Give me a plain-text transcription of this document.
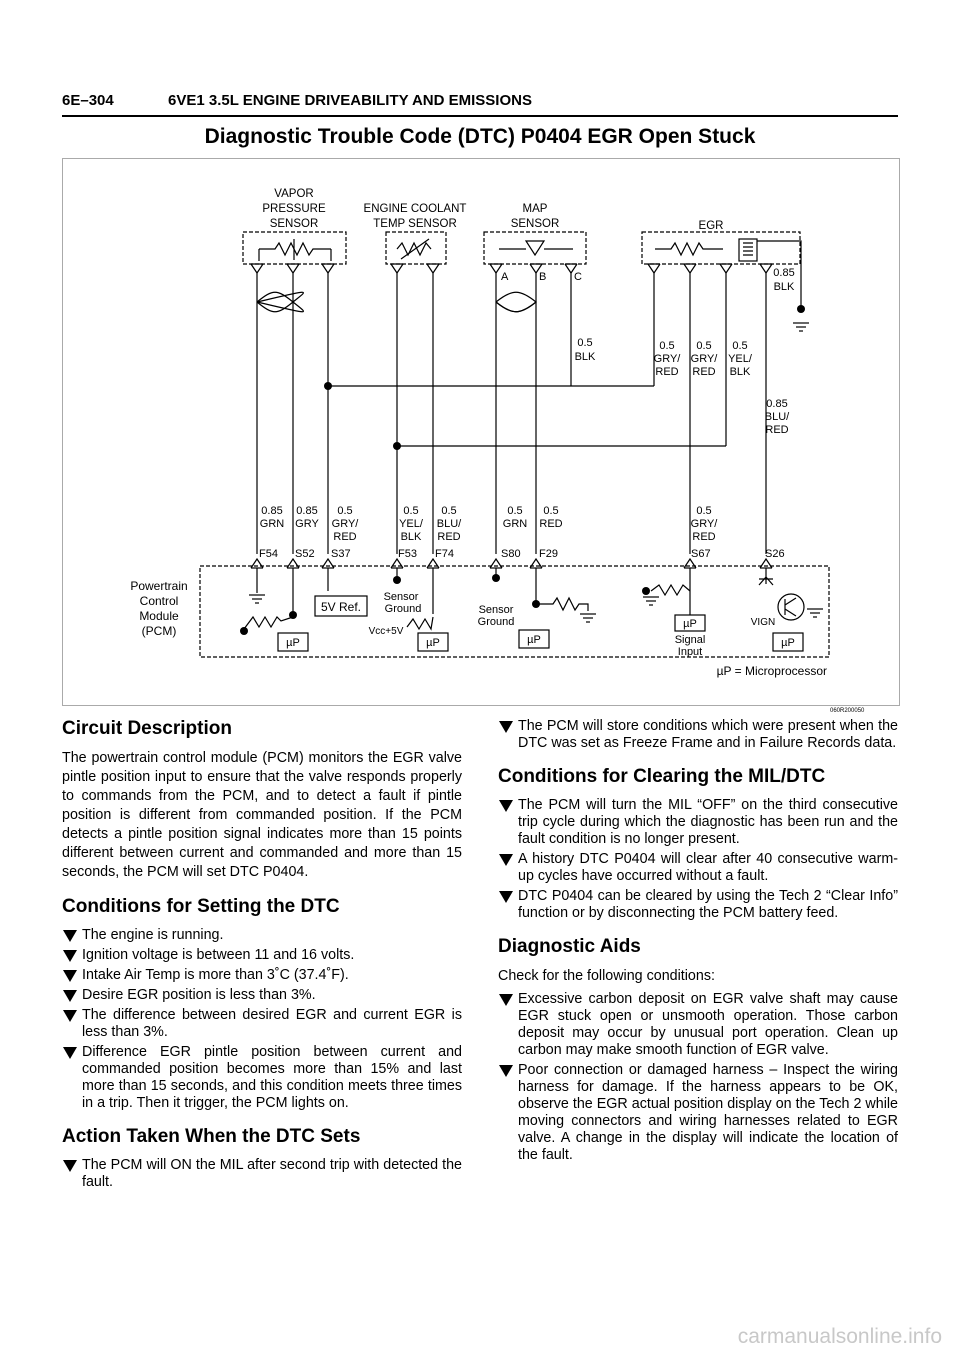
6E–304	6VE1 3.5L ENGINE DRIVEABILITY AND EMISSIONS
Diagnostic Trouble Code (DTC) P0404 EGR Open Stuck
VAPOR
PRESSURE
SENSOR
ENGINE COOLANT
TEMP SENSOR
MAP
SENSOR	EGR
A	B	C	0.85
BLK
0.5
BLK
0.5
GRY/
RED
0.5
GRY/
RED
0.5
YEL/
BLK
0.85
BLU/
RED
0.85
GRN
0.85
GRY
0.5
GRY/
RED
0.5
YEL/
BLK
0.5
BLU/
RED
0.5
GRN
0.5
RED
0.5
GRY/
RED
F54 S52 S37	F53 F74	S80 F29	S67	S26
Powertrain
Control
Module
(PCM)
5V Ref.
µP	µP	µP
µP
µP
Sensor
Ground	Sensor
Ground
Vcc+5V
Signal
Input
VIGN
µP = Microprocessor
060R200050
Circuit Description

The powertrain control module (PCM) monitors the EGR valve pintle position input to ensure that the valve responds properly to commands from the PCM, and to detect a fault if pintle position is different from commanded position. If the PCM detects a pintle position signal indicates more than 15 points different between current and commanded and more than 15 seconds, the PCM will set DTC P0404.

Conditions for Setting the DTC
The engine is running.
Ignition voltage is between 11 and 16 volts.
Intake Air Temp is more than 3˚C (37.4˚F).
Desire EGR position is less than 3%.
The difference between desired EGR and current EGR is less than 3%.
Difference EGR pintle position between current and commanded position becomes more than 15% and last more than 15 seconds, and this condition meets three times in a trip. Then it trigger, the PCM lights on.
Action Taken When the DTC Sets
The PCM will ON the MIL after second trip with detected the fault.
The PCM will store conditions which were present when the DTC was set as Freeze Frame and in Failure Records data.
Conditions for Clearing the MIL/DTC
The PCM will turn the MIL “OFF” on the third consecutive trip cycle during which the diagnostic has been run and the fault condition is no longer present.
A history DTC P0404 will clear after 40 consecutive warm-up cycles have occurred without a fault.
DTC P0404 can be cleared by using the Tech 2 “Clear Info” function or by disconnecting the PCM battery feed.
Diagnostic Aids

Check for the following conditions:

Excessive carbon deposit on EGR valve shaft may cause EGR stuck open or unsmooth operation. Those carbon deposit may occur by unusual port operation. Clean up carbon may make smooth function of EGR valve.
Poor connection or damaged harness – Inspect the wiring harness for damage. If the harness appears to be OK, observe the EGR actual position display on the Tech 2 while moving connectors and wiring harnesses related to EGR valve. A change in the display will indicate the location of the fault.
carmanualsonline.info
